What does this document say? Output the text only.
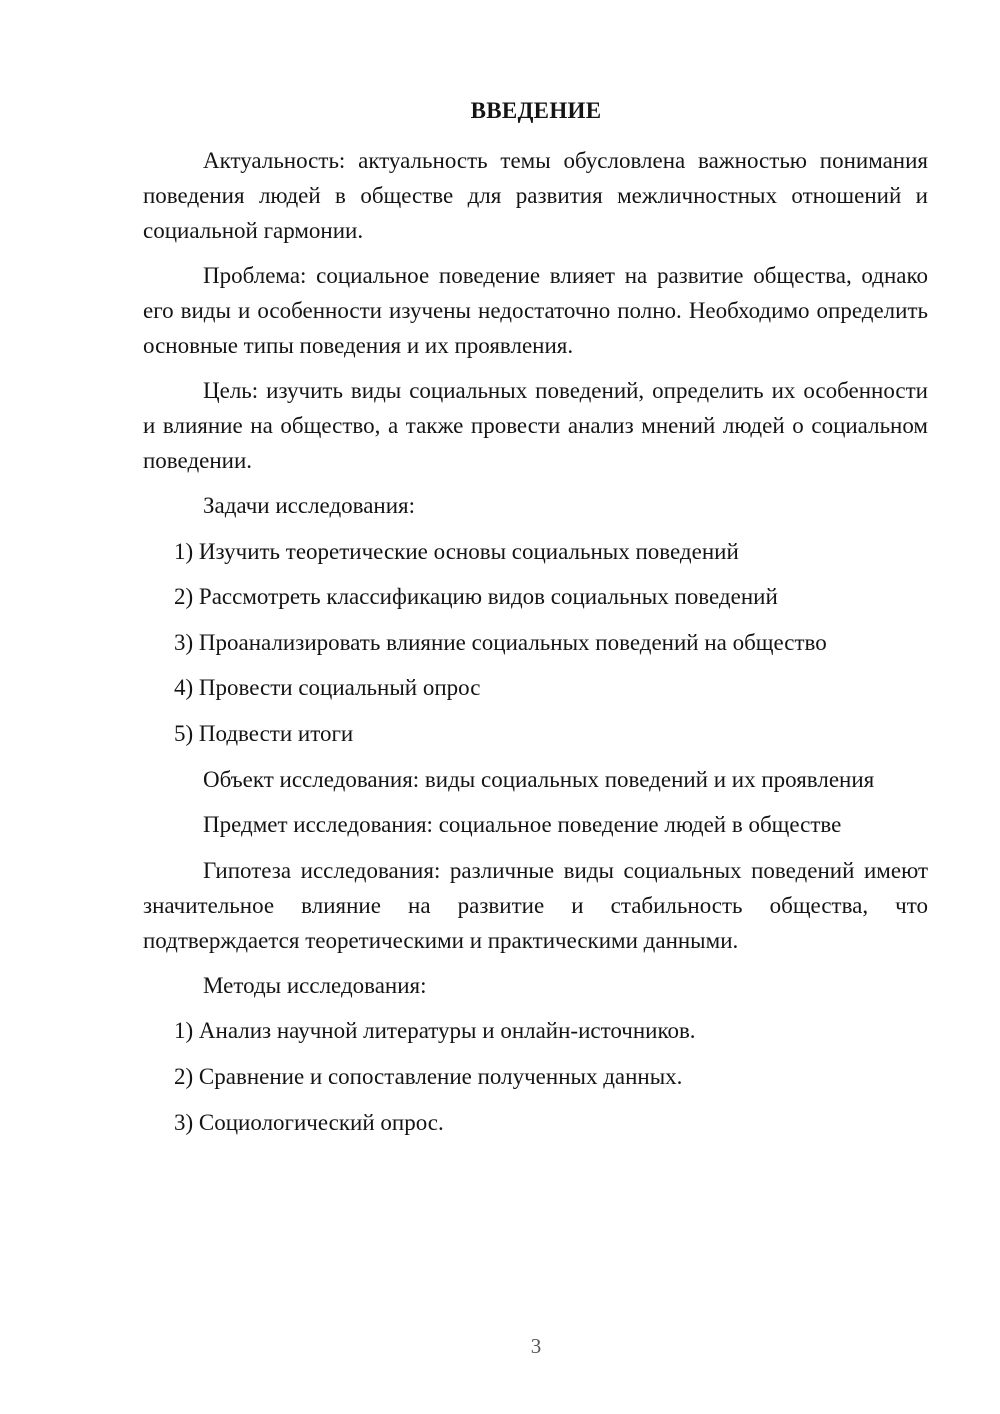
ВВЕДЕНИЕ

Актуальность: актуальность темы обусловлена важностью понимания поведения людей в обществе для развития межличностных отношений и социальной гармонии.

Проблема: социальное поведение влияет на развитие общества, однако его виды и особенности изучены недостаточно полно. Необходимо определить основные типы поведения и их проявления.

Цель: изучить виды социальных поведений, определить их особенности и влияние на общество, а также провести анализ мнений людей о социальном поведении.

Задачи исследования:

1) Изучить теоретические основы социальных поведений

2) Рассмотреть классификацию видов социальных поведений

3) Проанализировать влияние социальных поведений на общество

4) Провести социальный опрос

5) Подвести итоги

Объект исследования: виды социальных поведений и их проявления

Предмет исследования: социальное поведение людей в обществе

Гипотеза исследования: различные виды социальных поведений имеют значительное влияние на развитие и стабильность общества, что подтверждается теоретическими и практическими данными.

Методы исследования:

1) Анализ научной литературы и онлайн-источников.

2) Сравнение и сопоставление полученных данных.

3) Социологический опрос.

3
